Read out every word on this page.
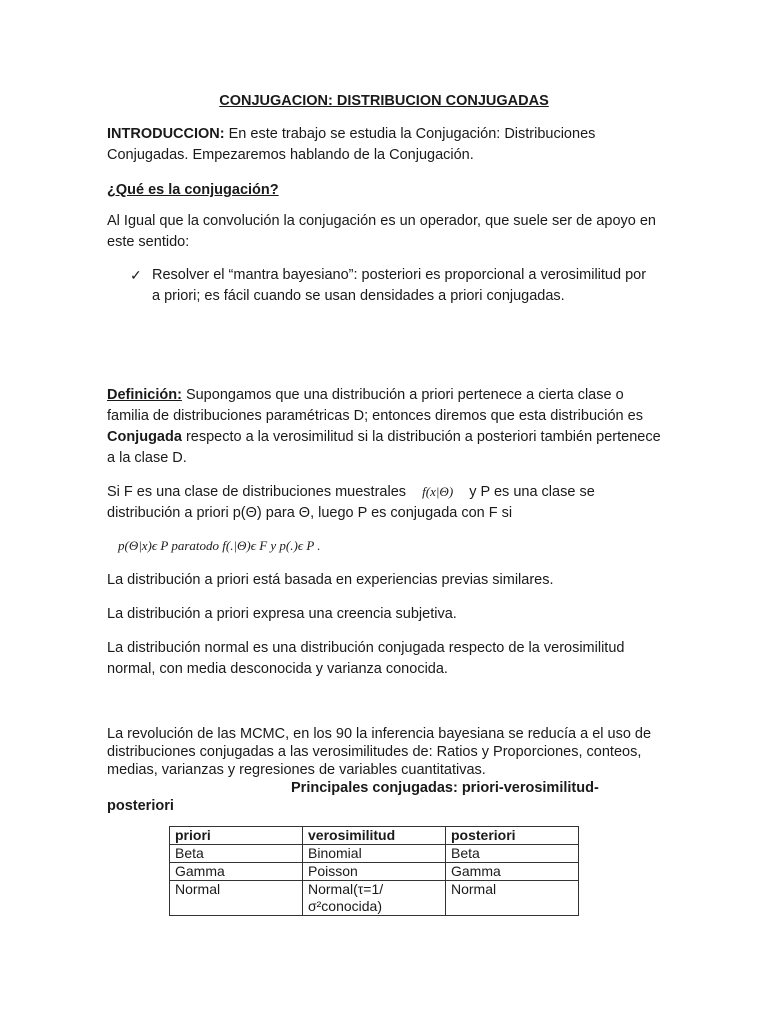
CONJUGACION: DISTRIBUCION CONJUGADAS
INTRODUCCION: En este trabajo se estudia la Conjugación: Distribuciones Conjugadas. Empezaremos hablando de la Conjugación.
¿Qué es la conjugación?
Al Igual que la convolución la conjugación es un operador, que suele ser de apoyo en este sentido:
✓ Resolver el “mantra bayesiano”: posteriori es proporcional a verosimilitud por a priori; es fácil cuando se usan densidades a priori conjugadas.
Definición: Supongamos que una distribución a priori pertenece a cierta clase o familia de distribuciones paramétricas D; entonces diremos que esta distribución es Conjugada respecto a la verosimilitud si la distribución a posteriori también pertenece a la clase D.
Si F es una clase de distribuciones muestrales f(x|Θ) y P es una clase se distribución a priori p(Θ) para Θ, luego P es conjugada con F si
p(Θ|x)ϵ P paratodo f(.|Θ)ϵ F y p(.)ϵ P .
La distribución a priori está basada en experiencias previas similares.
La distribución a priori expresa una creencia subjetiva.
La distribución normal es una distribución conjugada respecto de la verosimilitud normal, con media desconocida y varianza conocida.
La revolución de las MCMC, en los 90 la inferencia bayesiana se reducía a el uso de distribuciones conjugadas a las verosimilitudes de: Ratios y Proporciones, conteos, medias, varianzas y regresiones de variables cuantitativas.
Principales conjugadas: priori-verosimilitud-
posteriori
priori	verosimilitud	posteriori
Beta	Binomial	Beta
Gamma	Poisson	Gamma
Normal	Normal(τ=1/σ²conocida)	Normal
